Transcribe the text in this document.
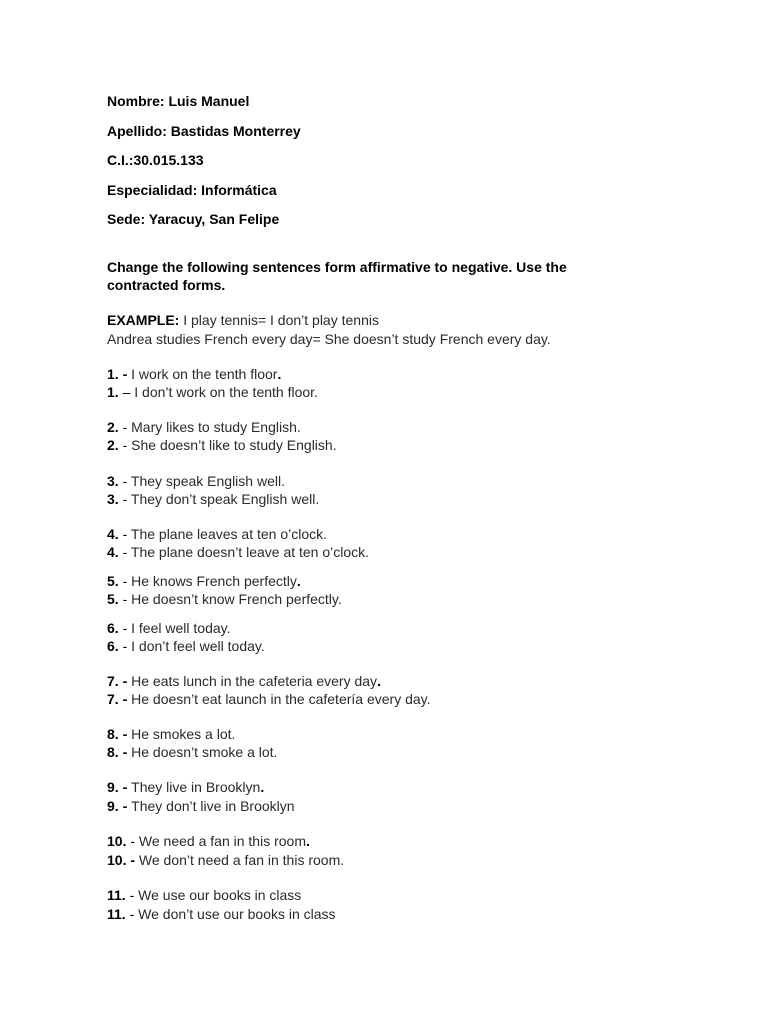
Nombre: Luis Manuel
Apellido: Bastidas Monterrey
C.I.:30.015.133
Especialidad: Informática
Sede: Yaracuy, San Felipe
Change the following sentences form affirmative to negative. Use the
contracted forms.
EXAMPLE: I play tennis= I don’t play tennis
Andrea studies French every day= She doesn’t study French every day.
1. - I work on the tenth floor.
1. – I don’t work on the tenth floor.
2. - Mary likes to study English.
2. - She doesn’t like to study English.
3. - They speak English well.
3. - They don’t speak English well.
4. - The plane leaves at ten o’clock.
4. - The plane doesn’t leave at ten o’clock.
5. - He knows French perfectly.
5. - He doesn’t know French perfectly.
6. - I feel well today.
6. - I don’t feel well today.
7. - He eats lunch in the cafeteria every day.
7. - He doesn’t eat launch in the cafetería every day.
8. - He smokes a lot.
8. - He doesn’t smoke a lot.
9. - They live in Brooklyn.
9. - They don’t live in Brooklyn
10. - We need a fan in this room.
10. - We don’t need a fan in this room.
11. - We use our books in class
11. - We don’t use our books in class
